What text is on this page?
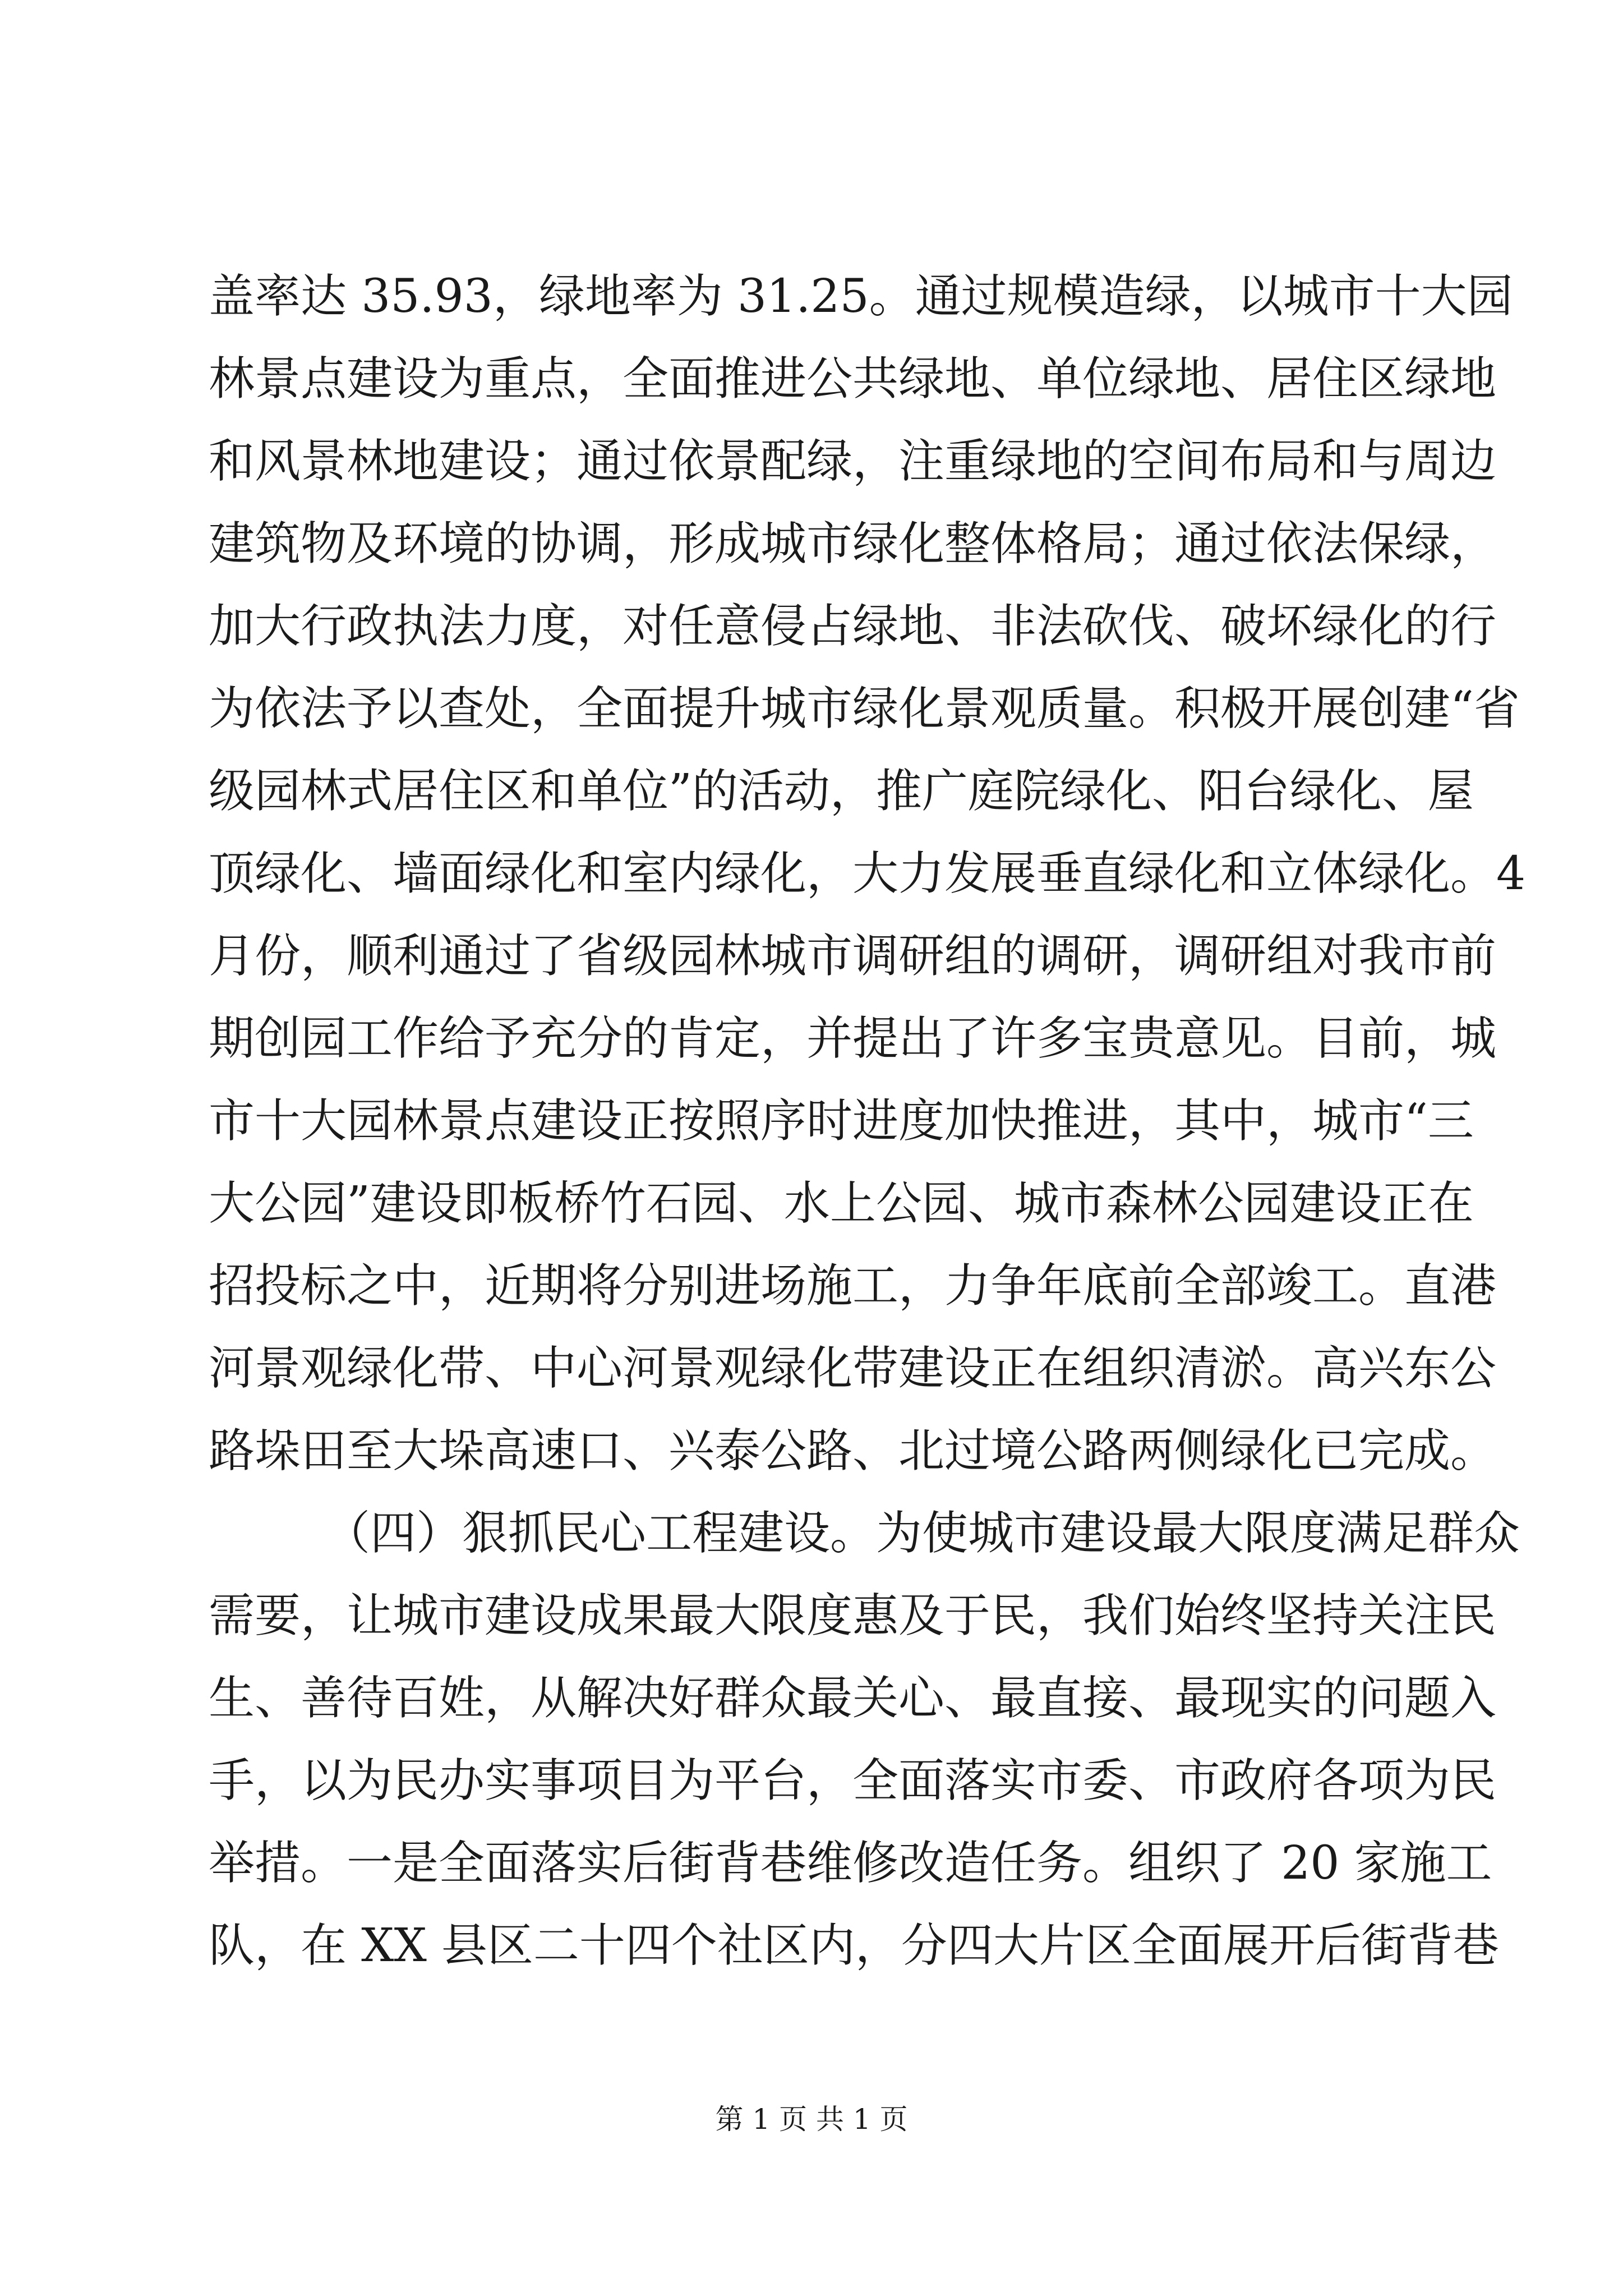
盖率达 35.93，绿地率为 31.25。通过规模造绿，以城市十大园
林景点建设为重点，全面推进公共绿地、单位绿地、居住区绿地
和风景林地建设；通过依景配绿，注重绿地的空间布局和与周边
建筑物及环境的协调，形成城市绿化整体格局；通过依法保绿，
加大行政执法力度，对任意侵占绿地、非法砍伐、破坏绿化的行
为依法予以查处，全面提升城市绿化景观质量。积极开展创建“省
级园林式居住区和单位”的活动，推广庭院绿化、阳台绿化、屋
顶绿化、墙面绿化和室内绿化，大力发展垂直绿化和立体绿化。4
月份，顺利通过了省级园林城市调研组的调研，调研组对我市前
期创园工作给予充分的肯定，并提出了许多宝贵意见。目前，城
市十大园林景点建设正按照序时进度加快推进，其中，城市“三
大公园”建设即板桥竹石园、水上公园、城市森林公园建设正在
招投标之中，近期将分别进场施工，力争年底前全部竣工。直港
河景观绿化带、中心河景观绿化带建设正在组织清淤。高兴东公
路垛田至大垛高速口、兴泰公路、北过境公路两侧绿化已完成。
（四）狠抓民心工程建设。为使城市建设最大限度满足群众
需要，让城市建设成果最大限度惠及于民，我们始终坚持关注民
生、善待百姓，从解决好群众最关心、最直接、最现实的问题入
手，以为民办实事项目为平台，全面落实市委、市政府各项为民
举措。一是全面落实后街背巷维修改造任务。组织了 20 家施工
队，在 XX 县区二十四个社区内，分四大片区全面展开后街背巷
第 1 页 共 1 页
